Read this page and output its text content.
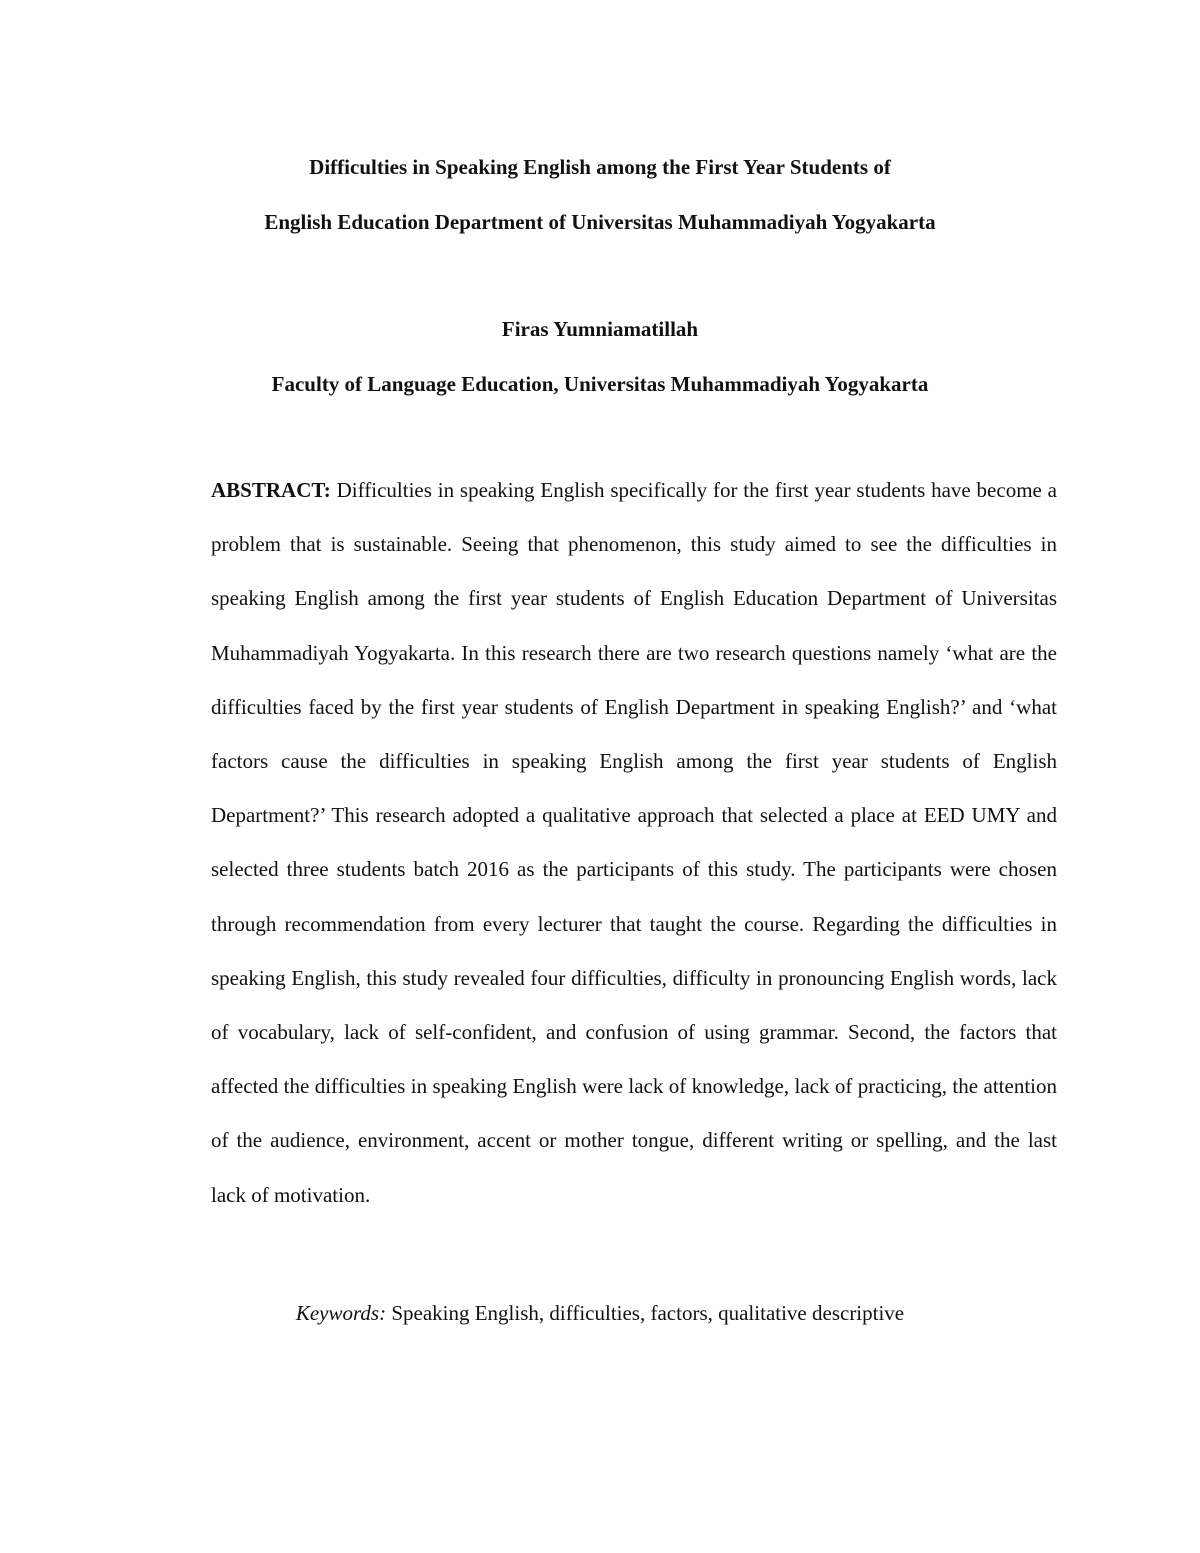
Difficulties in Speaking English among the First Year Students of
English Education Department of Universitas Muhammadiyah Yogyakarta
Firas Yumniamatillah
Faculty of Language Education, Universitas Muhammadiyah Yogyakarta

ABSTRACT: Difficulties in speaking English specifically for the first year students have become a problem that is sustainable. Seeing that phenomenon, this study aimed to see the difficulties in speaking English among the first year students of English Education Department of Universitas Muhammadiyah Yogyakarta. In this research there are two research questions namely ‘what are the difficulties faced by the first year students of English Department in speaking English?’ and ‘what factors cause the difficulties in speaking English among the first year students of English Department?’ This research adopted a qualitative approach that selected a place at EED UMY and selected three students batch 2016 as the participants of this study. The participants were chosen through recommendation from every lecturer that taught the course. Regarding the difficulties in speaking English, this study revealed four difficulties, difficulty in pronouncing English words, lack of vocabulary, lack of self-confident, and confusion of using grammar. Second, the factors that affected the difficulties in speaking English were lack of knowledge, lack of practicing, the attention of the audience, environment, accent or mother tongue, different writing or spelling, and the last lack of motivation.

Keywords: Speaking English, difficulties, factors, qualitative descriptive
